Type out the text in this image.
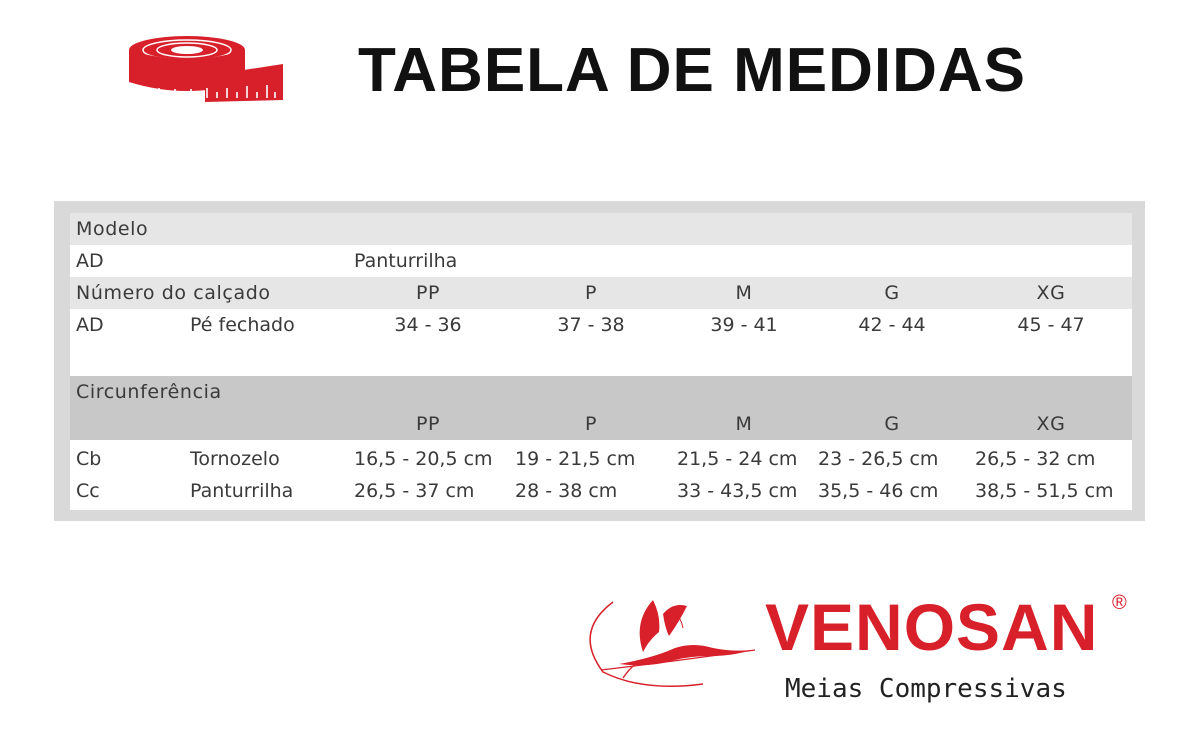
TABELA DE MEDIDAS
Modelo
AD	Panturrilha
Número do calçado	PP	P	M	G	XG
AD	Pé fechado	34 - 36	37 - 38	39 - 41	42 - 44	45 - 47
Circunferência
PP	P	M	G	XG
Cb	Tornozelo	16,5 - 20,5 cm 19 - 21,5 cm 21,5 - 24 cm 23 - 26,5 cm 26,5 - 32 cm
Cc	Panturrilha	26,5 - 37 cm 28 - 38 cm	33 - 43,5 cm 35,5 - 46 cm 38,5 - 51,5 cm
VENOSAN ®
Meias Compressivas
